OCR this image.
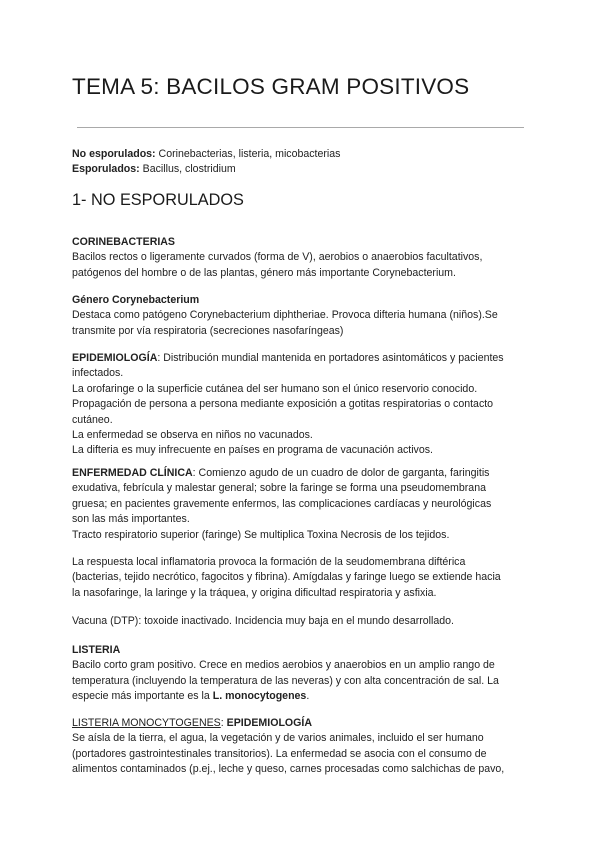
TEMA 5: BACILOS GRAM POSITIVOS
No esporulados: Corinebacterias, listeria, micobacterias
Esporulados: Bacillus, clostridium
1- NO ESPORULADOS
CORINEBACTERIAS
Bacilos rectos o ligeramente curvados (forma de V), aerobios o anaerobios facultativos,
patógenos del hombre o de las plantas, género más importante Corynebacterium.
Género Corynebacterium
Destaca como patógeno Corynebacterium diphtheriae. Provoca difteria humana (niños).Se
transmite por vía respiratoria (secreciones nasofaríngeas)
EPIDEMIOLOGÍA: Distribución mundial mantenida en portadores asintomáticos y pacientes
infectados.
La orofaringe o la superficie cutánea del ser humano son el único reservorio conocido.
Propagación de persona a persona mediante exposición a gotitas respiratorias o contacto
cutáneo.
La enfermedad se observa en niños no vacunados.
La difteria es muy infrecuente en países en programa de vacunación activos.
ENFERMEDAD CLÍNICA: Comienzo agudo de un cuadro de dolor de garganta, faringitis
exudativa, febrícula y malestar general; sobre la faringe se forma una pseudomembrana
gruesa; en pacientes gravemente enfermos, las complicaciones cardíacas y neurológicas
son las más importantes.
Tracto respiratorio superior (faringe) Se multiplica Toxina Necrosis de los tejidos.
La respuesta local inflamatoria provoca la formación de la seudomembrana diftérica
(bacterias, tejido necrótico, fagocitos y fibrina). Amígdalas y faringe luego se extiende hacia
la nasofaringe, la laringe y la tráquea, y origina dificultad respiratoria y asfixia.
Vacuna (DTP): toxoide inactivado. Incidencia muy baja en el mundo desarrollado.
LISTERIA
Bacilo corto gram positivo. Crece en medios aerobios y anaerobios en un amplio rango de
temperatura (incluyendo la temperatura de las neveras) y con alta concentración de sal. La
especie más importante es la L. monocytogenes.
LISTERIA MONOCYTOGENES: EPIDEMIOLOGÍA
Se aísla de la tierra, el agua, la vegetación y de varios animales, incluido el ser humano
(portadores gastrointestinales transitorios). La enfermedad se asocia con el consumo de
alimentos contaminados (p.ej., leche y queso, carnes procesadas como salchichas de pavo,
